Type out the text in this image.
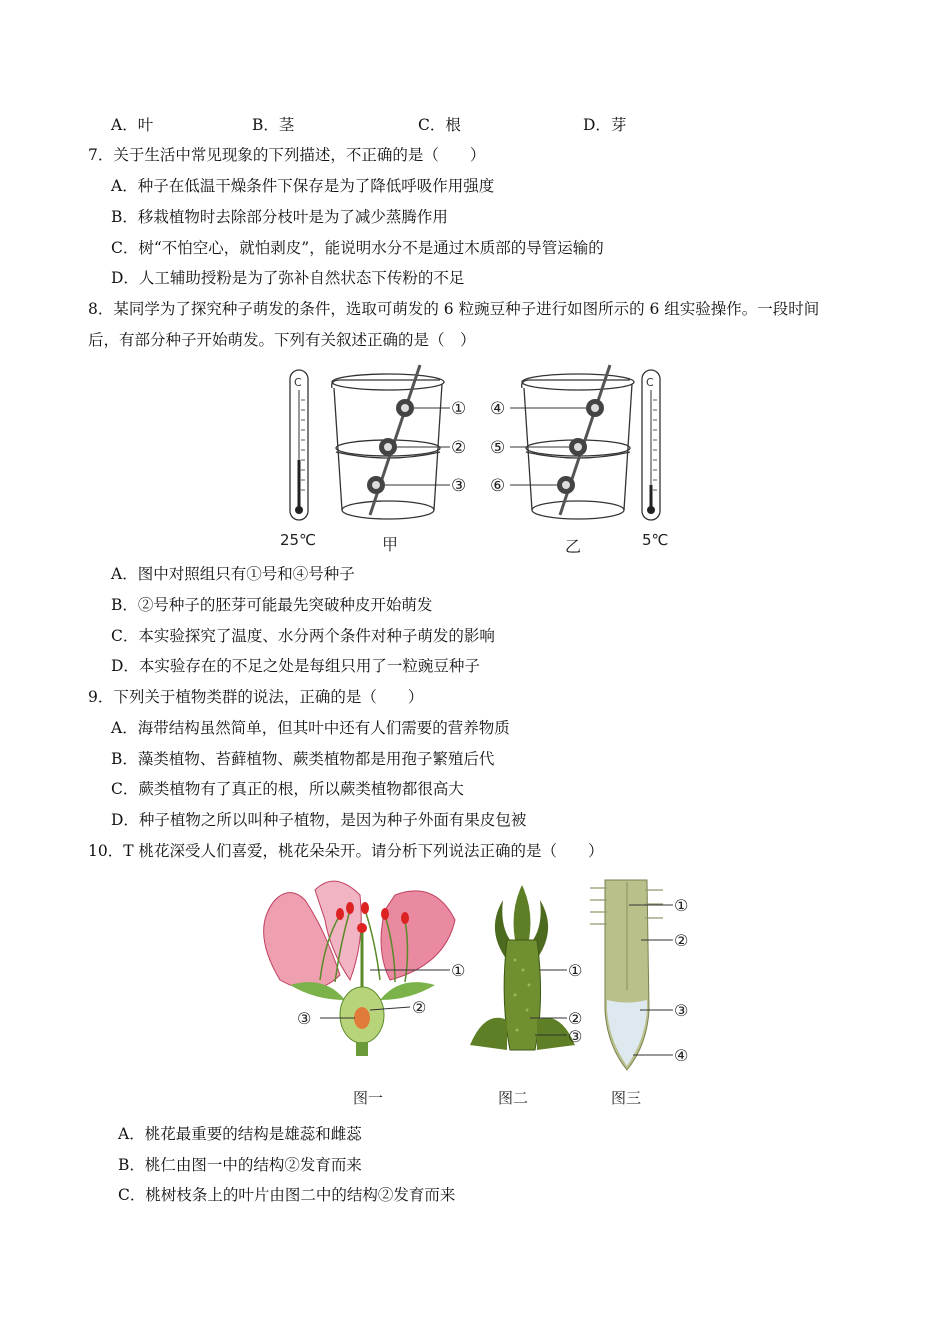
A．叶	B．茎	C．根	D．芽
7．关于生活中常见现象的下列描述，不正确的是（　　）
A．种子在低温干燥条件下保存是为了降低呼吸作用强度
B．移栽植物时去除部分枝叶是为了减少蒸腾作用
C．树“不怕空心，就怕剥皮”，能说明水分不是通过木质部的导管运输的
D．人工辅助授粉是为了弥补自然状态下传粉的不足
8．某同学为了探究种子萌发的条件，选取可萌发的 6 粒豌豆种子进行如图所示的 6 组实验操作。一段时间
后，有部分种子开始萌发。下列有关叙述正确的是（　）
C
25℃
①
②
③
甲
④
⑤
⑥
乙
C
5℃
A．图中对照组只有①号和④号种子
B．②号种子的胚芽可能最先突破种皮开始萌发
C．本实验探究了温度、水分两个条件对种子萌发的影响
D．本实验存在的不足之处是每组只用了一粒豌豆种子
9．下列关于植物类群的说法，正确的是（　　）
A．海带结构虽然简单，但其叶中还有人们需要的营养物质
B．藻类植物、苔藓植物、蕨类植物都是用孢子繁殖后代
C．蕨类植物有了真正的根，所以蕨类植物都很高大
D．种子植物之所以叫种子植物，是因为种子外面有果皮包被
10．T 桃花深受人们喜爱，桃花朵朵开。请分析下列说法正确的是（　　）
①
②
③
图一
①
②
③
图二
①
②
③
④
图三
A．桃花最重要的结构是雄蕊和雌蕊
B．桃仁由图一中的结构②发育而来
C．桃树枝条上的叶片由图二中的结构②发育而来
